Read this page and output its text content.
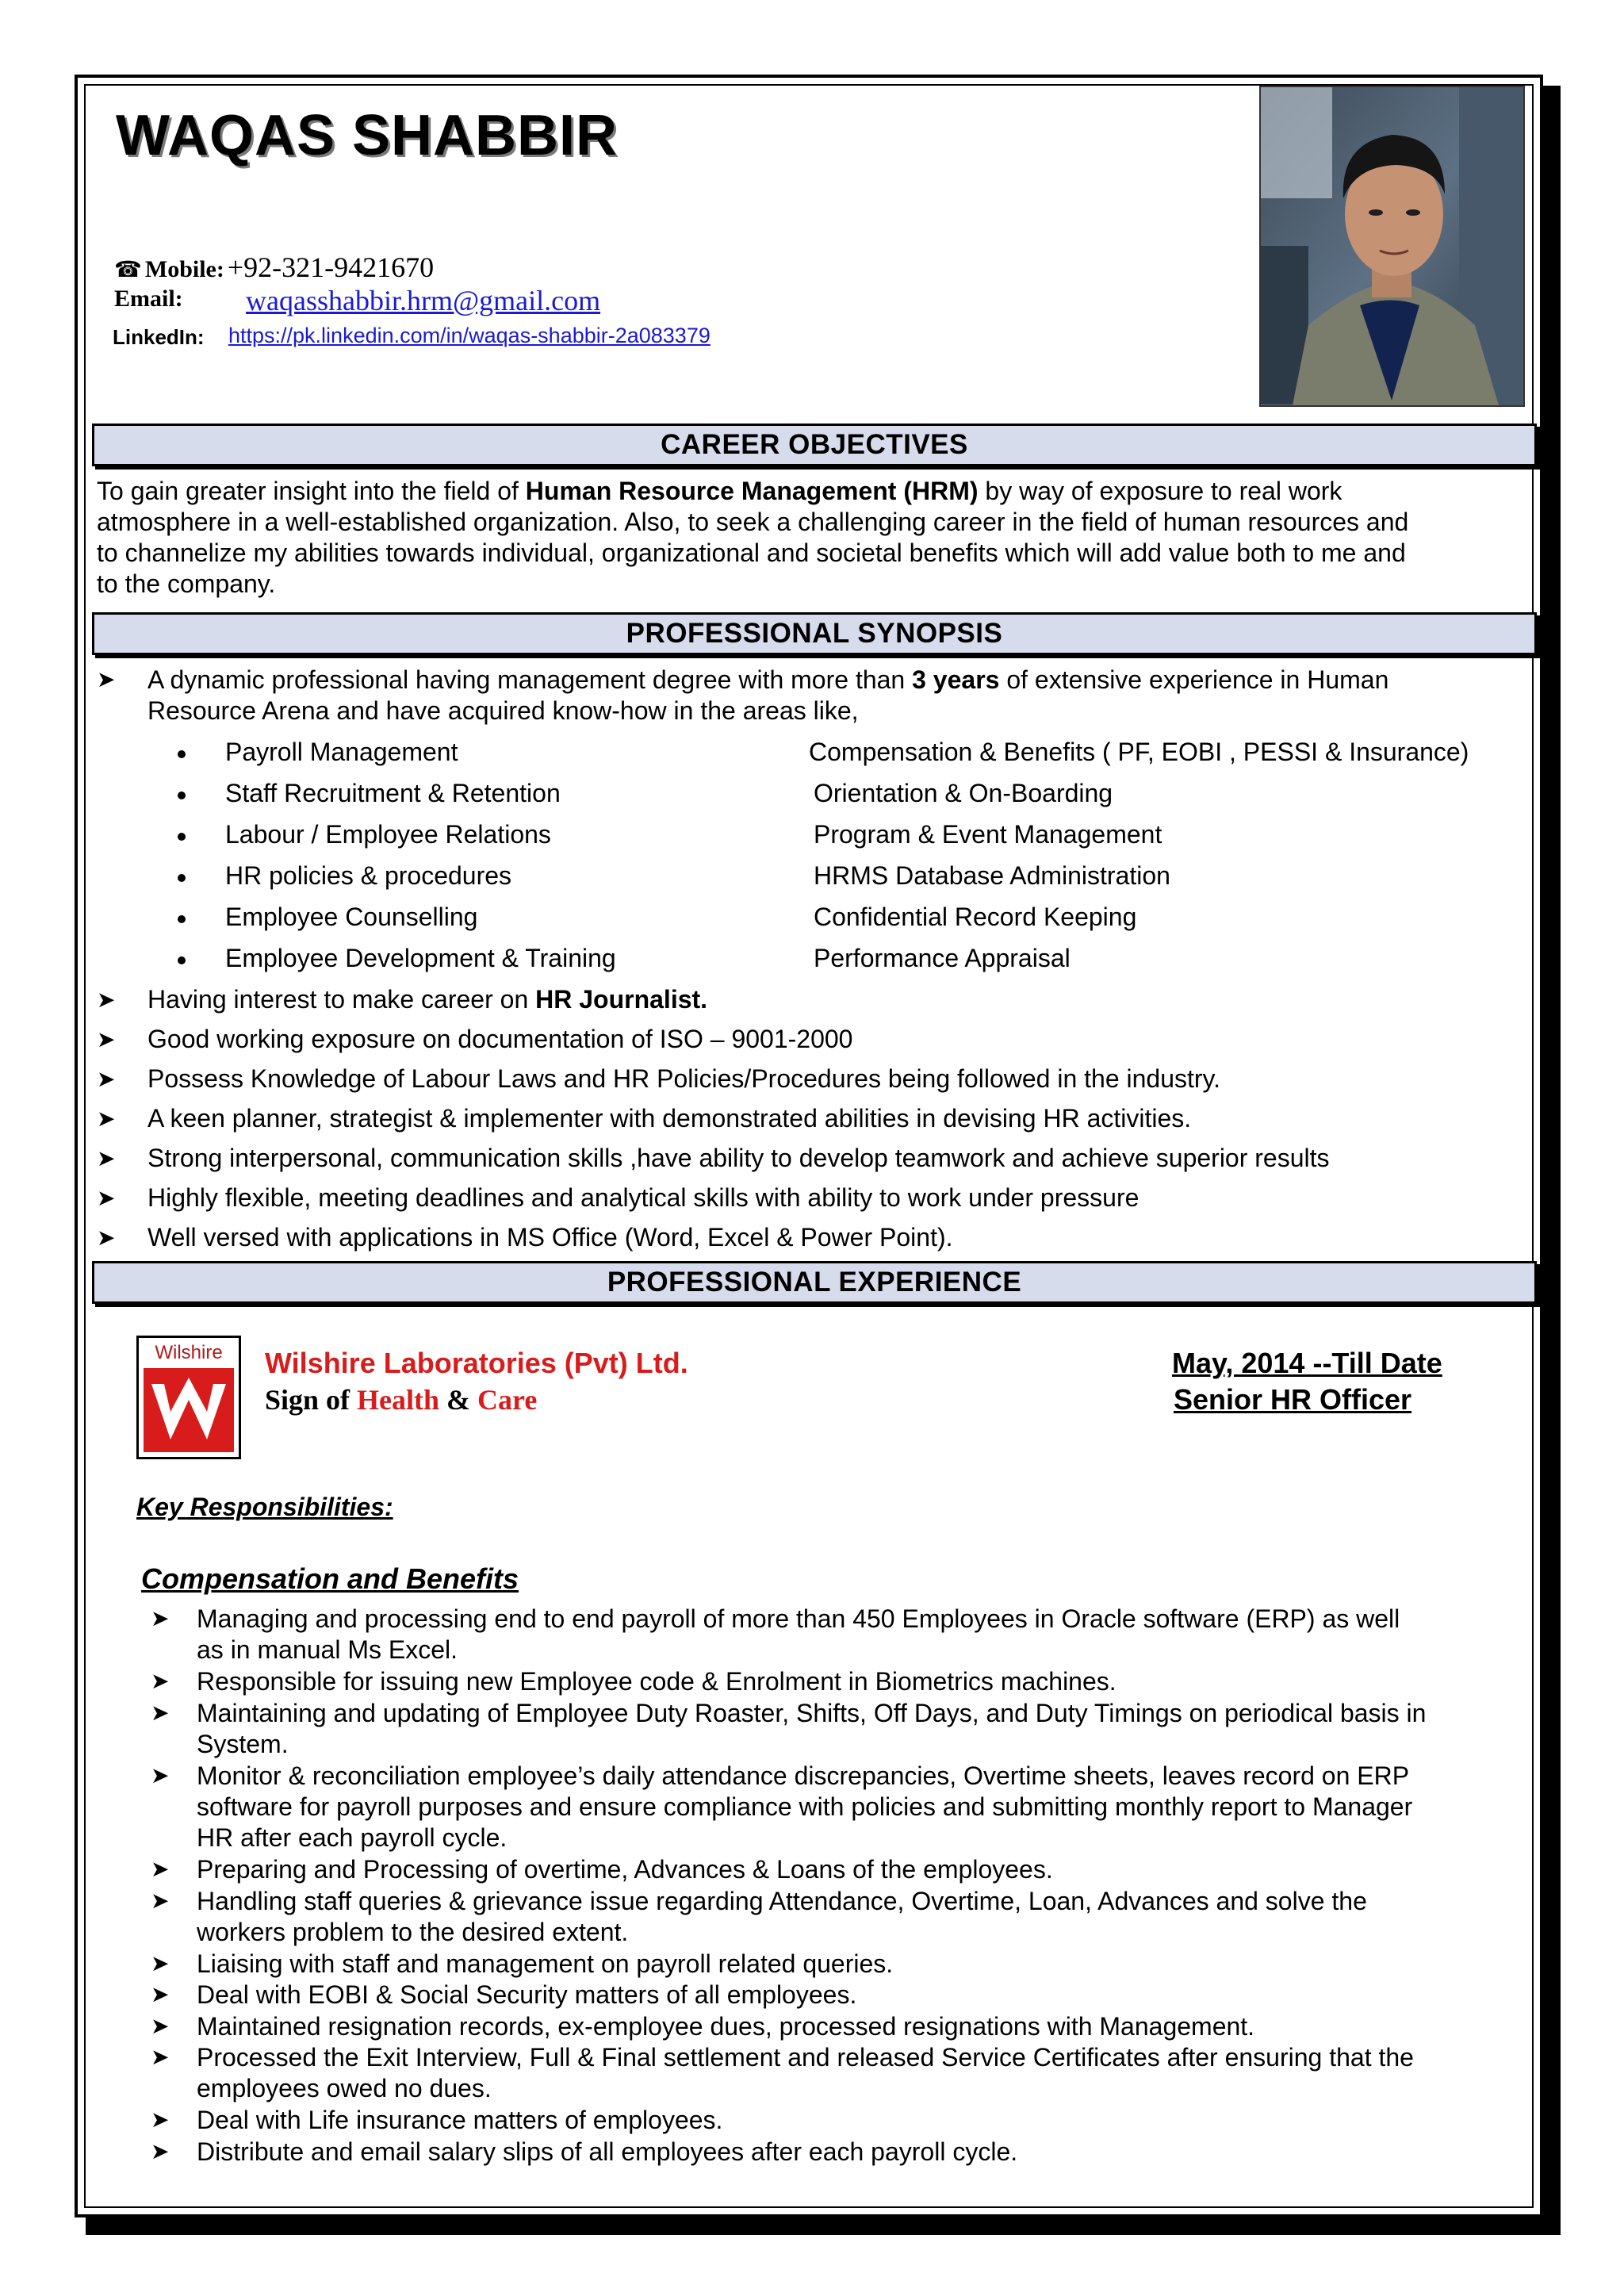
WAQAS SHABBIR
☎ Mobile: +92-321-9421670
Email: waqasshabbir.hrm@gmail.com
LinkedIn: https://pk.linkedin.com/in/waqas-shabbir-2a083379
CAREER OBJECTIVES
To gain greater insight into the field of Human Resource Management (HRM) by way of exposure to real work
atmosphere in a well-established organization. Also, to seek a challenging career in the field of human resources and
to channelize my abilities towards individual, organizational and societal benefits which will add value both to me and
to the company.
PROFESSIONAL SYNOPSIS
➤ A dynamic professional having management degree with more than 3 years of extensive experience in Human
Resource Arena and have acquired know-how in the areas like,
Payroll Management
Staff Recruitment & Retention
Labour / Employee Relations
HR policies & procedures
Employee Counselling
Employee Development & Training
Compensation & Benefits ( PF, EOBI , PESSI & Insurance)
Orientation & On-Boarding
Program & Event Management
HRMS Database Administration
Confidential Record Keeping
Performance Appraisal
➤ Having interest to make career on HR Journalist.
➤ Good working exposure on documentation of ISO – 9001-2000
➤ Possess Knowledge of Labour Laws and HR Policies/Procedures being followed in the industry.
➤ A keen planner, strategist & implementer with demonstrated abilities in devising HR activities.
➤ Strong interpersonal, communication skills ,have ability to develop teamwork and achieve superior results
➤ Highly flexible, meeting deadlines and analytical skills with ability to work under pressure
➤ Well versed with applications in MS Office (Word, Excel & Power Point).
PROFESSIONAL EXPERIENCE
Wilshire	Wilshire Laboratories (Pvt) Ltd.
Sign of Health & Care
May, 2014 --Till Date
Senior HR Officer
Key Responsibilities:
Compensation and Benefits
➤ Managing and processing end to end payroll of more than 450 Employees in Oracle software (ERP) as well
as in manual Ms Excel.
➤ Responsible for issuing new Employee code & Enrolment in Biometrics machines.
➤ Maintaining and updating of Employee Duty Roaster, Shifts, Off Days, and Duty Timings on periodical basis in
System.
➤ Monitor & reconciliation employee’s daily attendance discrepancies, Overtime sheets, leaves record on ERP
software for payroll purposes and ensure compliance with policies and submitting monthly report to Manager
HR after each payroll cycle.
➤ Preparing and Processing of overtime, Advances & Loans of the employees.
➤ Handling staff queries & grievance issue regarding Attendance, Overtime, Loan, Advances and solve the
workers problem to the desired extent.
➤ Liaising with staff and management on payroll related queries.
➤ Deal with EOBI & Social Security matters of all employees.
➤ Maintained resignation records, ex-employee dues, processed resignations with Management.
➤ Processed the Exit Interview, Full & Final settlement and released Service Certificates after ensuring that the
employees owed no dues.
➤ Deal with Life insurance matters of employees.
➤ Distribute and email salary slips of all employees after each payroll cycle.
